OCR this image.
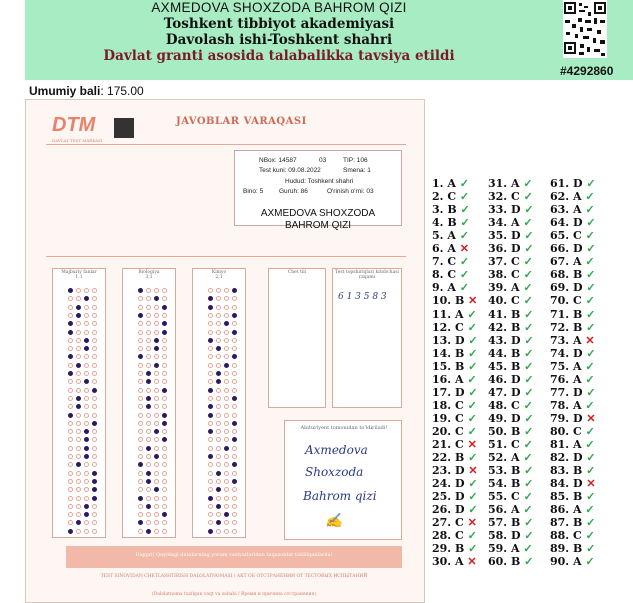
AXMEDOVA SHOXZODA BAHROM QIZI
Toshkent tibbiyot akademiyasi
Davolash ishi-Toshkent shahri
Davlat granti asosida talabalikka tavsiya etildi
#4292860
Umumiy bali: 175.00
DTM
DAVLAT TEST MARKAZI
JAVOBLAR VARAQASI
NBox: 14587	03	TIP: 106
Test kuni: 09.08.2022	Smena: 1
Hudud: Toshkent shahri
Bino: 5 Guruh: 86	O'rinish o'rni: 03
AXMEDOVA SHOXZODA
BAHROM QIZI
Majburiy fanlar
1,1
Biologiya
3,1
Kimyo
2,1
Chet tili	Test topshiriqlari kitobchasi raqami
6 1 3 5 8 3
Abituriyent tomonidan to'ldiriladi!
Axmedova
Shoxzoda
Bahrom qizi
✍
Diqqat! Quyidagi datalarning yorum vaziyatlaridan taqazonlar tahlilqanlarda!
TEST SINOVIDAN CHETLASHTIRISH DALOLATNOMASI / АКТ ОБ ОТСТРАНЕНИИ ОТ ТЕСТОВЫХ ИСПЫТАНИЙ
(Dalolatnoma tuzilgan vaqt va sababi / Время и причина отстранения)
1. A ✓
2. C ✓
3. B ✓
4. B ✓
5. A ✓
6. A ✕
7. C ✓
8. C ✓
9. A ✓
10. B ✕
11. A ✓
12. C ✓
13. D ✓
14. B ✓
15. B ✓
16. A ✓
17. D ✓
18. C ✓
19. C ✓
20. C ✓
21. C ✕
22. B ✓
23. D ✕
24. D ✓
25. D ✓
26. D ✓
27. C ✕
28. C ✓
29. B ✓
30. A ✕
31. A ✓
32. C ✓
33. D ✓
34. A ✓
35. D ✓
36. D ✓
37. C ✓
38. C ✓
39. A ✓
40. C ✓
41. B ✓
42. B ✓
43. D ✓
44. B ✓
45. B ✓
46. D ✓
47. D ✓
48. C ✓
49. D ✓
50. B ✓
51. C ✓
52. A ✓
53. B ✓
54. B ✓
55. C ✓
56. A ✓
57. B ✓
58. D ✓
59. A ✓
60. B ✓
61. D ✓
62. A ✓
63. A ✓
64. D ✓
65. C ✓
66. D ✓
67. A ✓
68. B ✓
69. D ✓
70. C ✓
71. B ✓
72. B ✓
73. A ✕
74. D ✓
75. A ✓
76. A ✓
77. D ✓
78. A ✓
79. D ✕
80. C ✓
81. A ✓
82. D ✓
83. B ✓
84. D ✕
85. B ✓
86. A ✓
87. B ✓
88. C ✓
89. B ✓
90. A ✓
